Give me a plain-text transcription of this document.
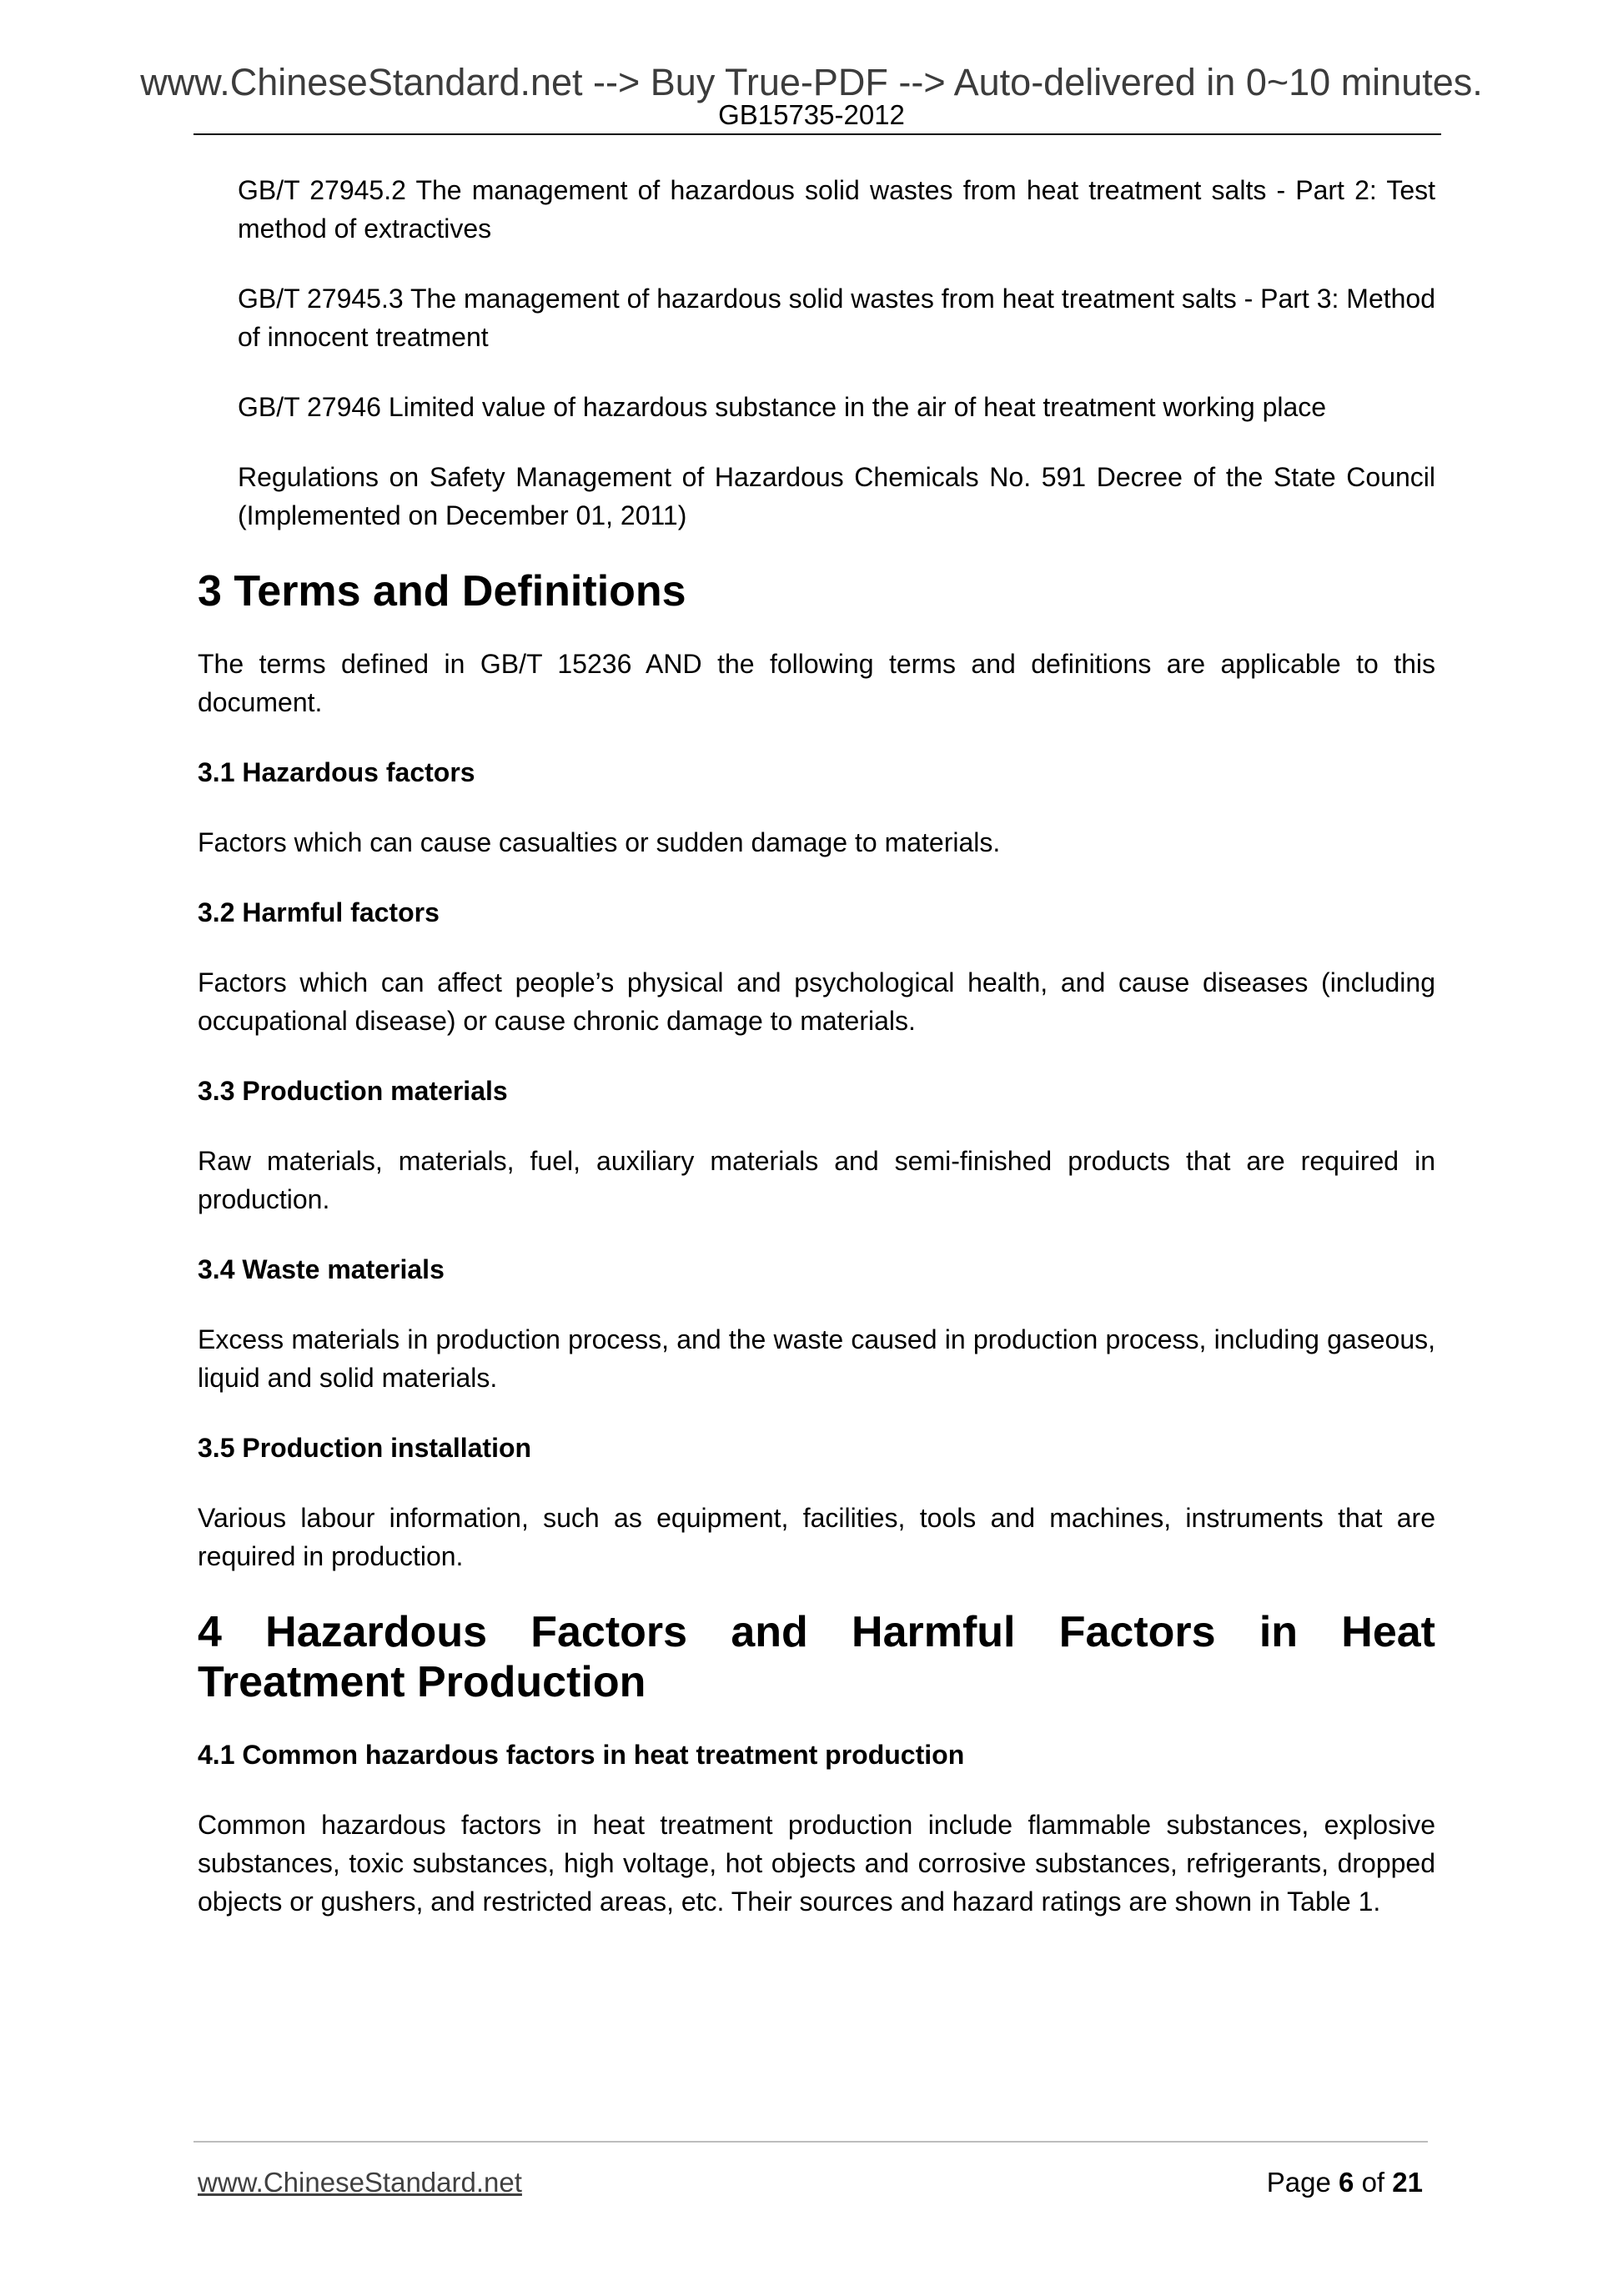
www.ChineseStandard.net --> Buy True-PDF --> Auto-delivered in 0~10 minutes.
GB15735-2012

GB/T 27945.2 The management of hazardous solid wastes from heat treatment salts - Part 2: Test method of extractives

GB/T 27945.3 The management of hazardous solid wastes from heat treatment salts - Part 3: Method of innocent treatment

GB/T 27946 Limited value of hazardous substance in the air of heat treatment working place

Regulations on Safety Management of Hazardous Chemicals No. 591 Decree of the State Council (Implemented on December 01, 2011)

3 Terms and Definitions

The terms defined in GB/T 15236 AND the following terms and definitions are applicable to this document.

3.1 Hazardous factors

Factors which can cause casualties or sudden damage to materials.

3.2 Harmful factors

Factors which can affect people’s physical and psychological health, and cause diseases (including occupational disease) or cause chronic damage to materials.

3.3 Production materials

Raw materials, materials, fuel, auxiliary materials and semi-finished products that are required in production.

3.4 Waste materials

Excess materials in production process, and the waste caused in production process, including gaseous, liquid and solid materials.

3.5 Production installation

Various labour information, such as equipment, facilities, tools and machines, instruments that are required in production.

4 Hazardous Factors and Harmful Factors in Heat
Treatment Production
4.1 Common hazardous factors in heat treatment production

Common hazardous factors in heat treatment production include flammable substances, explosive substances, toxic substances, high voltage, hot objects and corrosive substances, refrigerants, dropped objects or gushers, and restricted areas, etc. Their sources and hazard ratings are shown in Table 1.

www.ChineseStandard.net	Page 6 of 21
